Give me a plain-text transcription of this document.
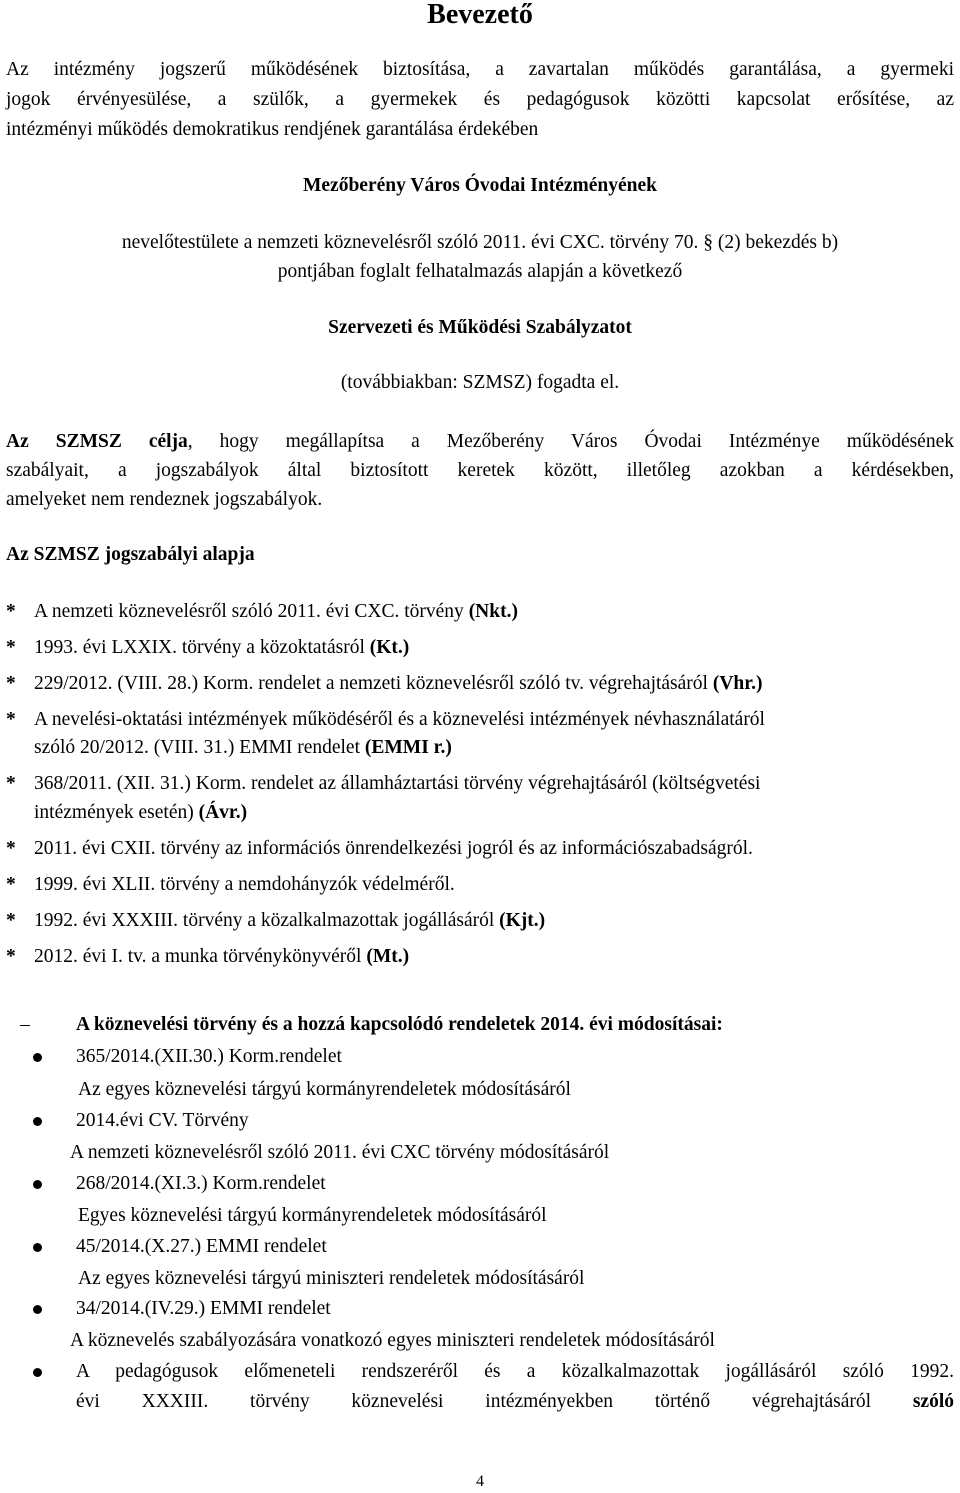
Bevezető
Az intézmény jogszerű működésének biztosítása, a zavartalan működés garantálása, a gyermeki
jogok érvényesülése, a szülők, a gyermekek és pedagógusok közötti kapcsolat erősítése, az
intézményi működés demokratikus rendjének garantálása érdekében
Mezőberény Város Óvodai Intézményének
nevelőtestülete a nemzeti köznevelésről szóló 2011. évi CXC. törvény 70. § (2) bekezdés b)
pontjában foglalt felhatalmazás alapján a következő
Szervezeti és Működési Szabályzatot
(továbbiakban: SZMSZ) fogadta el.
Az SZMSZ célja, hogy megállapítsa a Mezőberény Város Óvodai Intézménye működésének
szabályait, a jogszabályok által biztosított keretek között, illetőleg azokban a kérdésekben,
amelyeket nem rendeznek jogszabályok.
Az SZMSZ jogszabályi alapja
* A nemzeti köznevelésről szóló 2011. évi CXC. törvény (Nkt.)
* 1993. évi LXXIX. törvény a közoktatásról (Kt.)
* 229/2012. (VIII. 28.) Korm. rendelet a nemzeti köznevelésről szóló tv. végrehajtásáról (Vhr.)
* A nevelési-oktatási intézmények működéséről és a köznevelési intézmények névhasználatáról
szóló 20/2012. (VIII. 31.) EMMI rendelet (EMMI r.)
* 368/2011. (XII. 31.) Korm. rendelet az államháztartási törvény végrehajtásáról (költségvetési
intézmények esetén) (Ávr.)
* 2011. évi CXII. törvény az információs önrendelkezési jogról és az információszabadságról.
* 1999. évi XLII. törvény a nemdohányzók védelméről.
* 1992. évi XXXIII. törvény a közalkalmazottak jogállásáról (Kjt.)
* 2012. évi I. tv. a munka törvénykönyvéről (Mt.)
– A köznevelési törvény és a hozzá kapcsolódó rendeletek 2014. évi módosításai:
365/2014.(XII.30.) Korm.rendelet
Az egyes köznevelési tárgyú kormányrendeletek módosításáról
2014.évi CV. Törvény
A nemzeti köznevelésről szóló 2011. évi CXC törvény módosításáról
268/2014.(XI.3.) Korm.rendelet
Egyes köznevelési tárgyú kormányrendeletek módosításáról
45/2014.(X.27.) EMMI rendelet
Az egyes köznevelési tárgyú miniszteri rendeletek módosításáról
34/2014.(IV.29.) EMMI rendelet
A köznevelés szabályozására vonatkozó egyes miniszteri rendeletek módosításáról
A pedagógusok előmeneteli rendszeréről és a közalkalmazottak jogállásáról szóló 1992.
évi XXXIII. törvény köznevelési intézményekben történő végrehajtásáról szóló
4
